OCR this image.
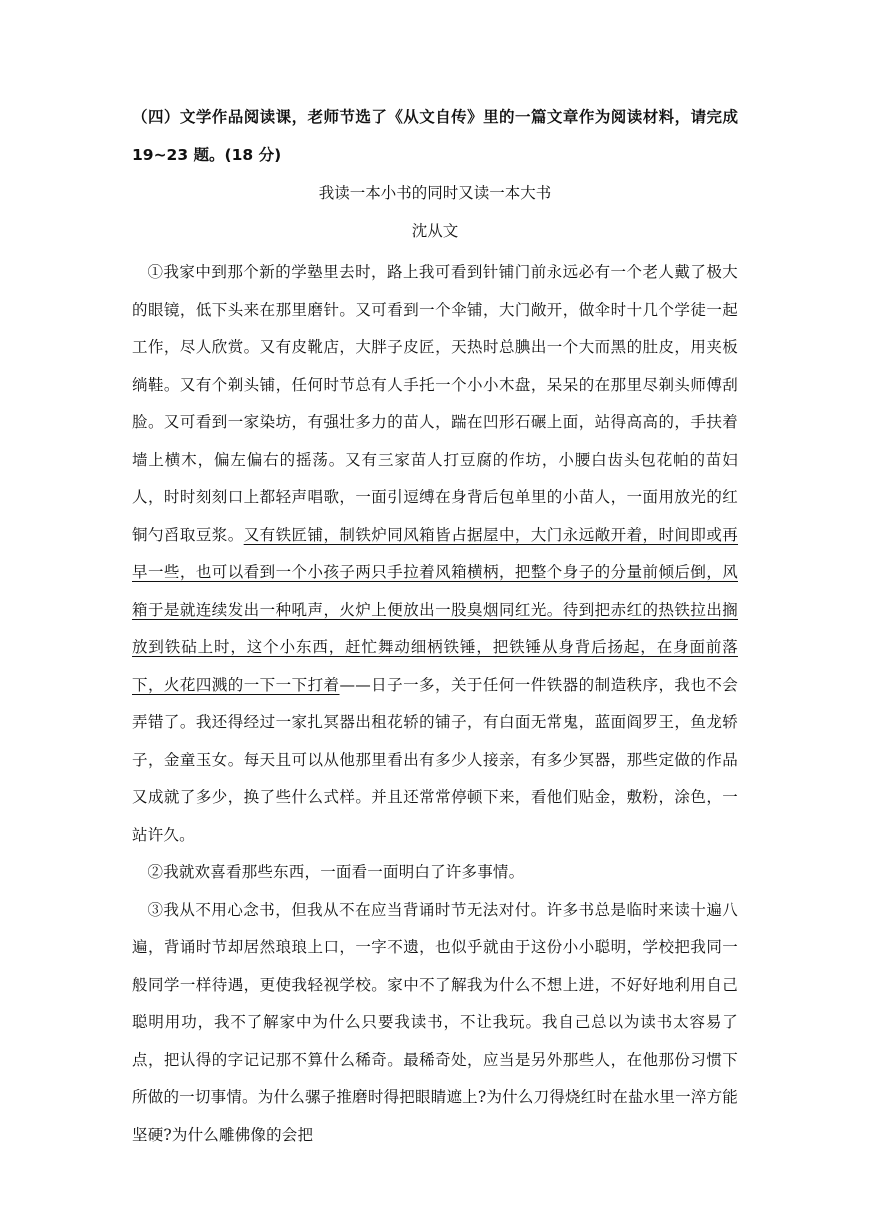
（四）文学作品阅读课，老师节选了《从文自传》里的一篇文章作为阅读材料，请完成 19~23 题。(18 分)

我读一本小书的同时又读一本大书

沈从文

①我家中到那个新的学塾里去时，路上我可看到针铺门前永远必有一个老人戴了极大的眼镜，低下头来在那里磨针。又可看到一个伞铺，大门敞开，做伞时十几个学徒一起工作，尽人欣赏。又有皮靴店，大胖子皮匠，天热时总腆出一个大而黑的肚皮，用夹板绱鞋。又有个剃头铺，任何时节总有人手托一个小小木盘，呆呆的在那里尽剃头师傅刮脸。又可看到一家染坊，有强壮多力的苗人，踹在凹形石碾上面，站得高高的，手扶着墙上横木，偏左偏右的摇荡。又有三家苗人打豆腐的作坊，小腰白齿头包花帕的苗妇人，时时刻刻口上都轻声唱歌，一面引逗缚在身背后包单里的小苗人，一面用放光的红铜勺舀取豆浆。又有铁匠铺，制铁炉同风箱皆占据屋中，大门永远敞开着，时间即或再早一些，也可以看到一个小孩子两只手拉着风箱横柄，把整个身子的分量前倾后倒，风箱于是就连续发出一种吼声，火炉上便放出一股臭烟同红光。待到把赤红的热铁拉出搁放到铁砧上时，这个小东西，赶忙舞动细柄铁锤，把铁锤从身背后扬起，在身面前落下，火花四溅的一下一下打着——日子一多，关于任何一件铁器的制造秩序，我也不会弄错了。我还得经过一家扎冥器出租花轿的铺子，有白面无常鬼，蓝面阎罗王，鱼龙轿子，金童玉女。每天且可以从他那里看出有多少人接亲，有多少冥器，那些定做的作品又成就了多少，换了些什么式样。并且还常常停顿下来，看他们贴金，敷粉，涂色，一站许久。

②我就欢喜看那些东西，一面看一面明白了许多事情。

③我从不用心念书，但我从不在应当背诵时节无法对付。许多书总是临时来读十遍八遍，背诵时节却居然琅琅上口，一字不遗，也似乎就由于这份小小聪明，学校把我同一般同学一样待遇，更使我轻视学校。家中不了解我为什么不想上进，不好好地利用自己聪明用功，我不了解家中为什么只要我读书，不让我玩。我自己总以为读书太容易了点，把认得的字记记那不算什么稀奇。最稀奇处，应当是另外那些人，在他那份习惯下所做的一切事情。为什么骡子推磨时得把眼睛遮上?为什么刀得烧红时在盐水里一淬方能坚硬?为什么雕佛像的会把
